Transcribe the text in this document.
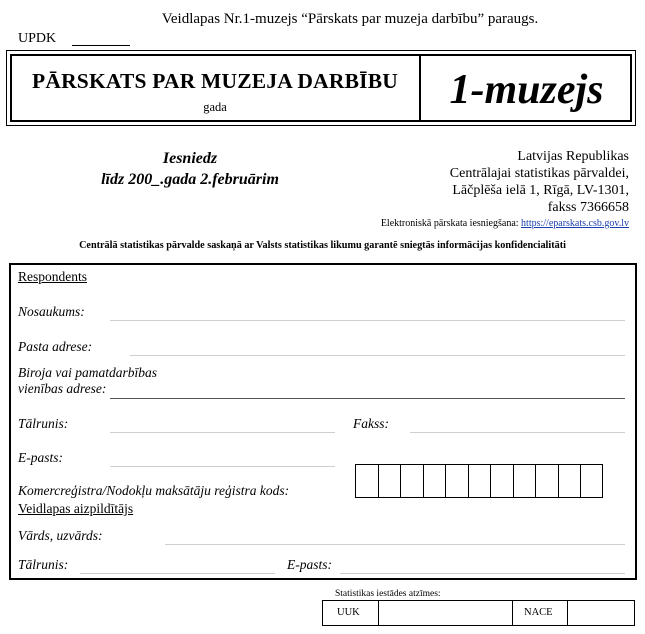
Veidlapas Nr.1-muzejs “Pārskats par muzeja darbību” paraugs.
UPDK
PĀRSKATS PAR MUZEJA DARBĪBU
gada	1-muzejs
Iesniedz
līdz 200_.gada 2.februārim
Latvijas Republikas
Centrālajai statistikas pārvaldei,
Lāčplēša ielā 1, Rīgā, LV-1301,
fakss 7366658
Elektroniskā pārskata iesniegšana: https://eparskats.csb.gov.lv
Centrālā statistikas pārvalde saskaņā ar Valsts statistikas likumu garantē sniegtās informācijas konfidencialitāti
Respondents
Nosaukums:
Pasta adrese:
Biroja vai pamatdarbības
vienības adrese:
Tālrunis:	Fakss:
E-pasts:
Komercreģistra/Nodokļu maksātāju reģistra kods:
Veidlapas aizpildītājs
Vārds, uzvārds:
Tālrunis:	E-pasts:
Statistikas iestādes atzīmes:
UUK	NACE
